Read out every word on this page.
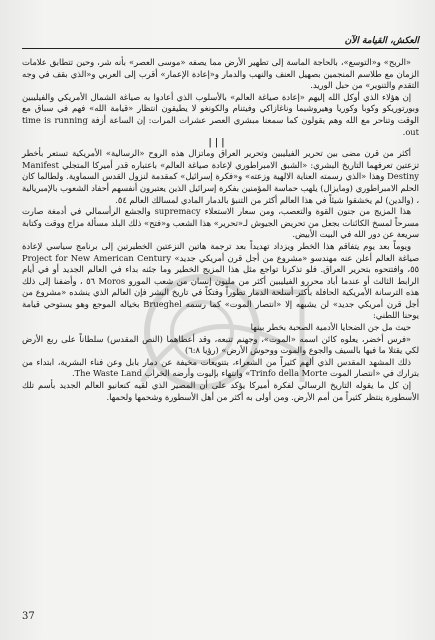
العكش، القيامة الآن

«الربح» و«التوسع»، بالحاجة الماسة إلى تطهير الأرض مما يصفه «موسى العصر» بأنه شر، وحين تتطابق علامات الزمان مع طلاسم المنجمين بصهيل العنف والنهب والدمار و«إعادة الإعمار» أقرب إلى العربي و«الذي بقف في وجه التقدم والتنوير» من حبل الوريد.

إن هؤلاء الذي أوكل الله إليهم «إعادة صياغة العالم» بالأسلوب الذي أعادوا به صياغة الشمال الأمريكي والفيليبين وبورتوريكو وكوبا وكوريا وهيروشيما وناغازاكي وفيتنام والكونغو لا يطيقون انتظار «قيامة الله» فهم في سباق مع الوقت وتناحر مع الله وهم يقولون كما سمعنا مبشري العصر عشرات المرات: إن الساعة أزفة time is running out.

| | |

أكثر من قرن مضى بين تحرير الفيليبين وتحرير العراق وماتزال هذه الروح «الرسالية» الأمريكية تستعر بأخطر تزعتين تعرفهما التاريخ البشري: «الشبق الامبراطوري لإعادة صياغة العالم» باعتباره قدر أميركا المتجلي Manifest Destiny وهذا «الذي رسمته العناية الالهية وزعته» و«فكرة إسرائيل» كمقدمة لنزول القدس السماوية. ولطالما كان الحلم الامبراطوري (ومايزال) يلهب حماسة المؤمنين بفكرة إسرائيل الذين يعتبرون أنفسهم أحفاد الشعوب بالإمبريالية ، (والدين) لم يخشقوا شيئاً في هذا العالم أكثر من التنبؤ بالدمار المادي لمسالك العالم ٥٤.

هذا المزيج من جنون القوة والتعصب، ومن سعار الاستعلاء supremacy والجشع الرأسمالي في أدمغة صارت مسرحاً لمسخ الكائنات بجعل من تحريض الجيوش لـ«تحرير» هذا الشعب و«فتح» ذلك البلد مسألة مزاج ووقت وكتابة سريعة عن دور الله في البيت الأبيض.

ويوماً بعد يوم يتفاقم هذا الخطر ويزداد تهديداً بعد ترجمة هاتين النزعتين الخطيرتين إلى برنامج سياسي لإعادة صياغة العالم أعلن عنه مهندسو «مشروع من أجل قرن أمريكي جديد» Project for New American Century ٥٥، وافتتحوه بتحرير العراق. فلو تذكرنا تواجع مثل هذا المزيج الخطير وما جئنه بداء في العالم الجديد أو في أيام الرابط الثالث أو عندما أباد محررو الفيليبين أكثر من مليون إنسان من شعب المورو Moros ٥٦ ، وأضفنا إلى ذلك هذه الترسانة الأمريكية الحافلة بأكثر أسلحة الدمار تطوراً وفتكاً في تاريخ البشر فإن العالم الذي ينشده «مشروع من أجل قرن أمريكي جديد» لن يشبهه إلا «انتصار الموت» كما رسمه Brueghel بخياله الموجع وهو يستوحي قيامة يوحنا اللطني:

حيث مل جن الضحايا الأدمية الصحبة بخطر بينها

«فرس أخضر، يعلوه كائن اسمه «الموت»، وجهنم تتبعه، وقد أعطاهما (النص المقدس) سلطاناً على ربع الأرض لكي يقتلا ما فيها بالسيف والجوع والموت ووحوش الأرض» (رؤيا ٦:٨)

ذلك المشهد المقدس الذي ألهم كثيراً من الشعراء، بتنويعات مخيفة عن دمار بابل وعن فناء البشرية، ابتداء من بترارك في «انتصار الموت Trinfo della Morte» وانتهاء بإليوت وأرضه الخراب The Waste Land.

إن كل ما يقوله التاريخ الرسالي لفكرة أميركا يؤكد على أن المصير الذي لقيه كنعانيو العالم الجديد بأسم تلك الأسطورة ينتظر كثيراً من أمم الأرض. ومن أولى به أكثر من أهل الأسطورة وشحمها ولحمها.

37
